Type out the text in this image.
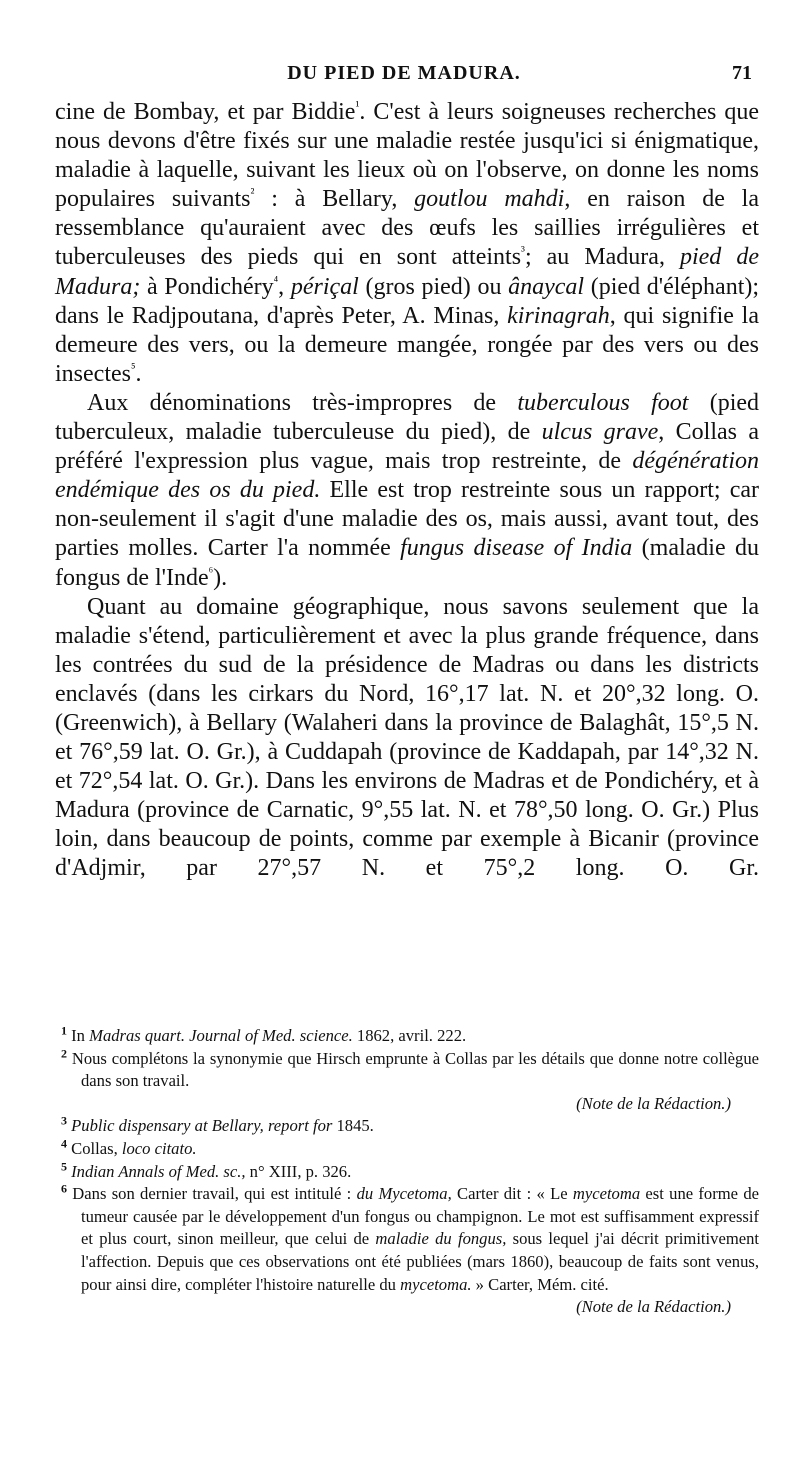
DU PIED DE MADURA.	71

cine de Bombay, et par Biddie$^{^1}$. C'est à leurs soigneuses recherches que nous devons d'être fixés sur une maladie restée jusqu'ici si énigmatique, maladie à laquelle, suivant les lieux où on l'observe, on donne les noms populaires suivants$^{^2}$ : à Bellary, goutlou mahdi, en raison de la ressemblance qu'auraient avec des œufs les saillies irrégulières et tuberculeuses des pieds qui en sont atteints$^{^3}$; au Madura, pied de Madura; à Pondichéry$^{^4}$, périçal (gros pied) ou ânaycal (pied d'éléphant); dans le Radjpoutana, d'après Peter, A. Minas, kirinagrah, qui signifie la demeure des vers, ou la demeure mangée, rongée par des vers ou des insectes$^{^5}$.

Aux dénominations très-impropres de tuberculous foot (pied tuberculeux, maladie tuberculeuse du pied), de ulcus grave, Collas a préféré l'expression plus vague, mais trop restreinte, de dégénération endémique des os du pied. Elle est trop restreinte sous un rapport; car non-seulement il s'agit d'une maladie des os, mais aussi, avant tout, des parties molles. Carter l'a nommée fungus disease of India (maladie du fongus de l'Inde$^{^6}$).

Quant au domaine géographique, nous savons seulement que la maladie s'étend, particulièrement et avec la plus grande fréquence, dans les contrées du sud de la présidence de Madras ou dans les districts enclavés (dans les cirkars du Nord, 16°,17 lat. N. et 20°,32 long. O. (Greenwich), à Bellary (Walaheri dans la province de Balaghât, 15°,5 N. et 76°,59 lat. O. Gr.), à Cuddapah (province de Kaddapah, par 14°,32 N. et 72°,54 lat. O. Gr.). Dans les environs de Madras et de Pondichéry, et à Madura (province de Carnatic, 9°,55 lat. N. et 78°,50 long. O. Gr.) Plus loin, dans beaucoup de points, comme par exemple à Bicanir (province d'Adjmir, par 27°,57 N. et 75°,2 long. O. Gr.

$^1$ In Madras quart. Journal of Med. science. 1862, avril. 222.

$^2$ Nous complétons la synonymie que Hirsch emprunte à Collas par les détails que donne notre collègue dans son travail.

(Note de la Rédaction.)

$^3$ Public dispensary at Bellary, report for 1845.

$^4$ Collas, loco citato.

$^5$ Indian Annals of Med. sc., n° XIII, p. 326.

$^6$ Dans son dernier travail, qui est intitulé : du Mycetoma, Carter dit : « Le mycetoma est une forme de tumeur causée par le développement d'un fongus ou champignon. Le mot est suffisamment expressif et plus court, sinon meilleur, que celui de maladie du fongus, sous lequel j'ai décrit primitivement l'affection. Depuis que ces observations ont été publiées (mars 1860), beaucoup de faits sont venus, pour ainsi dire, compléter l'histoire naturelle du mycetoma. » Carter, Mém. cité.

(Note de la Rédaction.)
